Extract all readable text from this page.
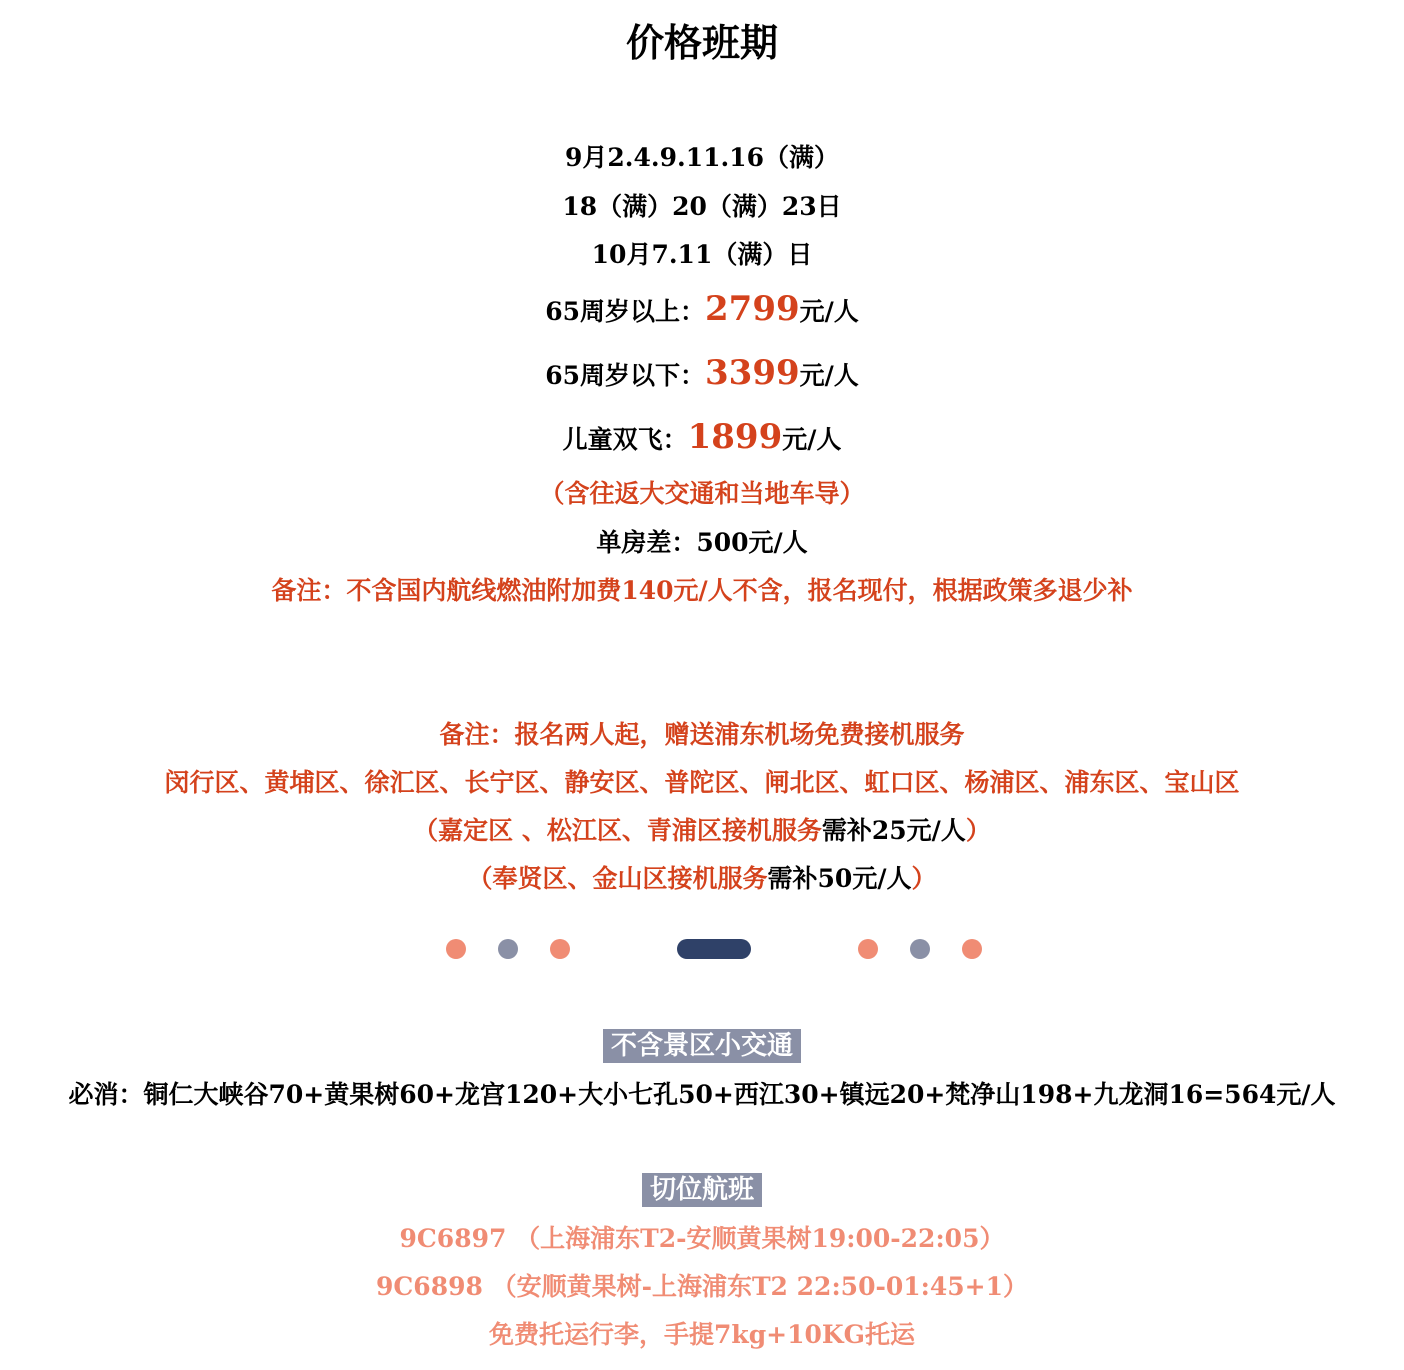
价格班期
9月2.4.9.11.16（满）
18（满）20（满）23日
10月7.11（满）日
65周岁以上：2799元/人
65周岁以下：3399元/人
儿童双飞：1899元/人
（含往返大交通和当地车导）
单房差：500元/人
备注：不含国内航线燃油附加费140元/人不含，报名现付，根据政策多退少补
备注：报名两人起，赠送浦东机场免费接机服务
闵行区、黄埔区、徐汇区、长宁区、静安区、普陀区、闸北区、虹口区、杨浦区、浦东区、宝山区
（嘉定区 、松江区、青浦区接机服务需补25元/人）
（奉贤区、金山区接机服务需补50元/人）
不含景区小交通
必消：铜仁大峡谷70+黄果树60+龙宫120+大小七孔50+西江30+镇远20+梵净山198+九龙洞16=564元/人
切位航班
9C6897 （上海浦东T2-安顺黄果树19:00-22:05）
9C6898 （安顺黄果树-上海浦东T2 22:50-01:45+1）
免费托运行李，手提7kg+10KG托运
